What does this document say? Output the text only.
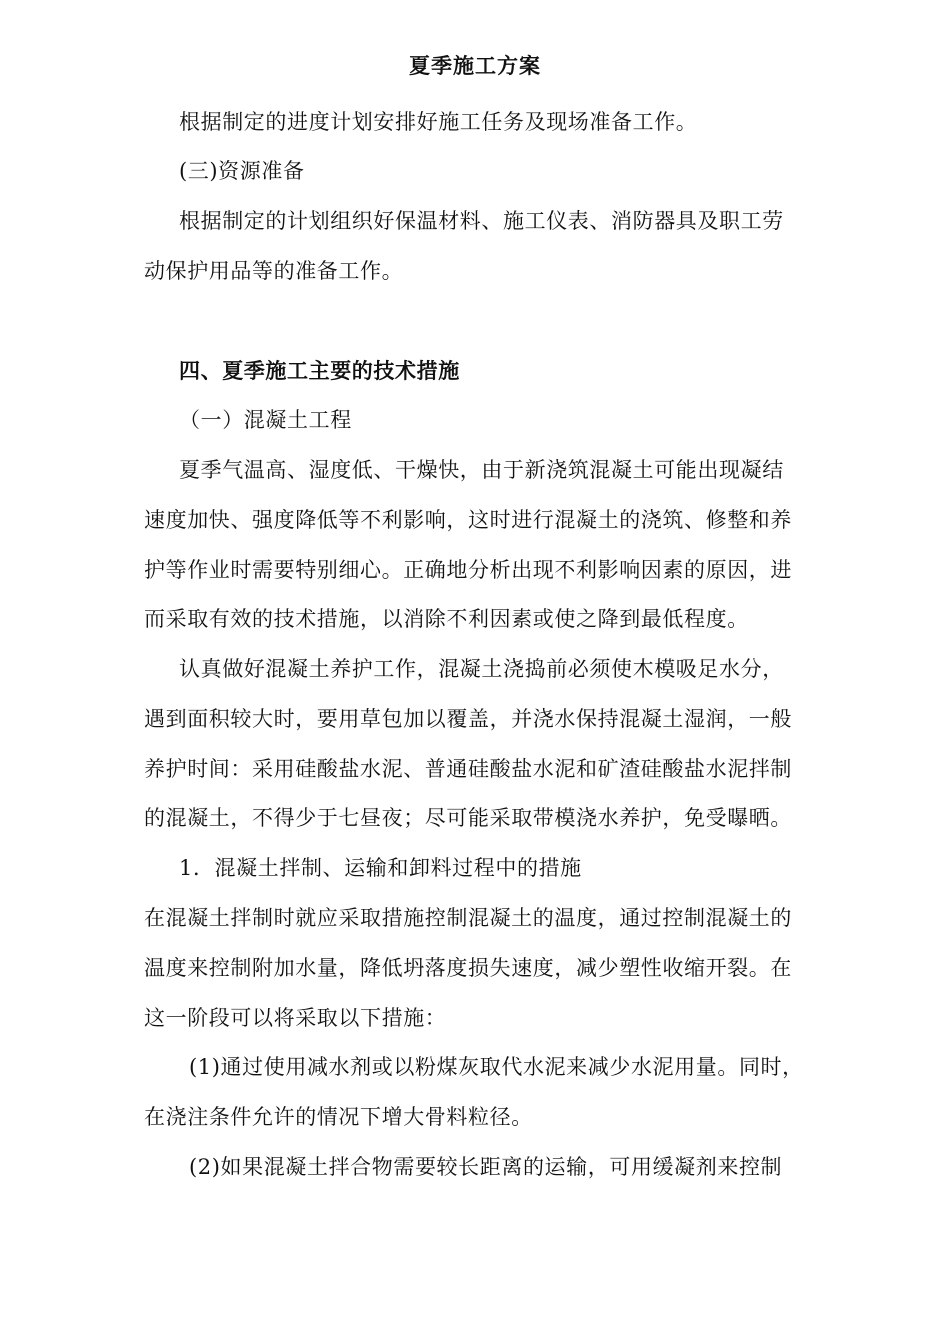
夏季施工方案
根据制定的进度计划安排好施工任务及现场准备工作。
(三)资源准备
根据制定的计划组织好保温材料、施工仪表、消防器具及职工劳
动保护用品等的准备工作。
四、夏季施工主要的技术措施
（一）混凝土工程
夏季气温高、湿度低、干燥快，由于新浇筑混凝土可能出现凝结
速度加快、强度降低等不利影响，这时进行混凝土的浇筑、修整和养
护等作业时需要特别细心。正确地分析出现不利影响因素的原因，进
而采取有效的技术措施，以消除不利因素或使之降到最低程度。
认真做好混凝土养护工作，混凝土浇捣前必须使木模吸足水分，
遇到面积较大时，要用草包加以覆盖，并浇水保持混凝土湿润，一般
养护时间：采用硅酸盐水泥、普通硅酸盐水泥和矿渣硅酸盐水泥拌制
的混凝土，不得少于七昼夜；尽可能采取带模浇水养护，免受曝晒。
1．混凝土拌制、运输和卸料过程中的措施
在混凝土拌制时就应采取措施控制混凝土的温度，通过控制混凝土的
温度来控制附加水量，降低坍落度损失速度，减少塑性收缩开裂。在
这一阶段可以将采取以下措施：
(1)通过使用减水剂或以粉煤灰取代水泥来减少水泥用量。同时，
在浇注条件允许的情况下增大骨料粒径。
(2)如果混凝土拌合物需要较长距离的运输，可用缓凝剂来控制
